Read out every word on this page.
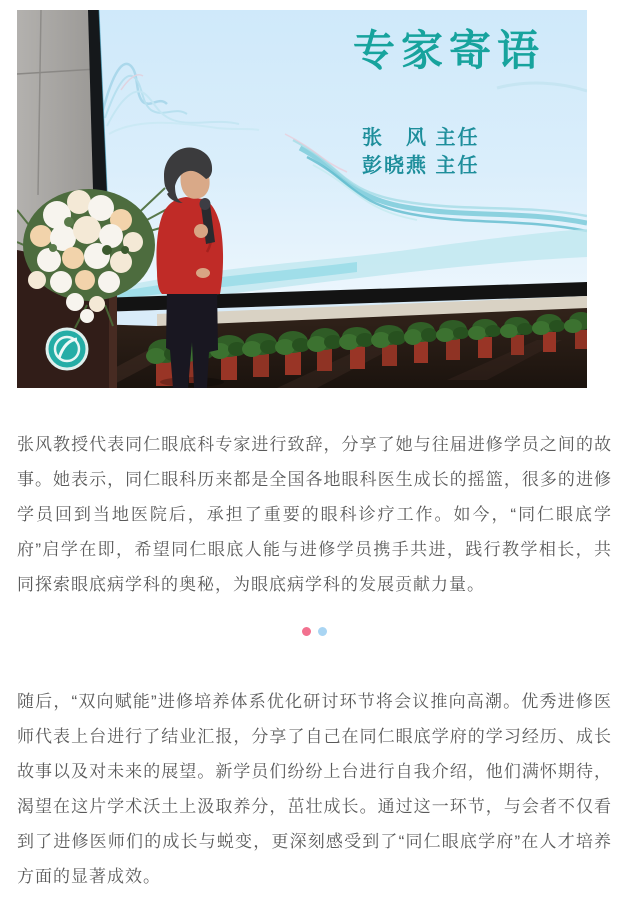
专家寄语
张　风 主任
彭晓燕 主任

张风教授代表同仁眼底科专家进行致辞，分享了她与往届进修学员之间的故事。她表示，同仁眼科历来都是全国各地眼科医生成长的摇篮，很多的进修学员回到当地医院后，承担了重要的眼科诊疗工作。如今，“同仁眼底学府”启学在即，希望同仁眼底人能与进修学员携手共进，践行教学相长，共同探索眼底病学科的奥秘，为眼底病学科的发展贡献力量。

随后，“双向赋能”进修培养体系优化研讨环节将会议推向高潮。优秀进修医师代表上台进行了结业汇报，分享了自己在同仁眼底学府的学习经历、成长故事以及对未来的展望。新学员们纷纷上台进行自我介绍，他们满怀期待，渴望在这片学术沃土上汲取养分，茁壮成长。通过这一环节，与会者不仅看到了进修医师们的成长与蜕变，更深刻感受到了“同仁眼底学府”在人才培养方面的显著成效。
